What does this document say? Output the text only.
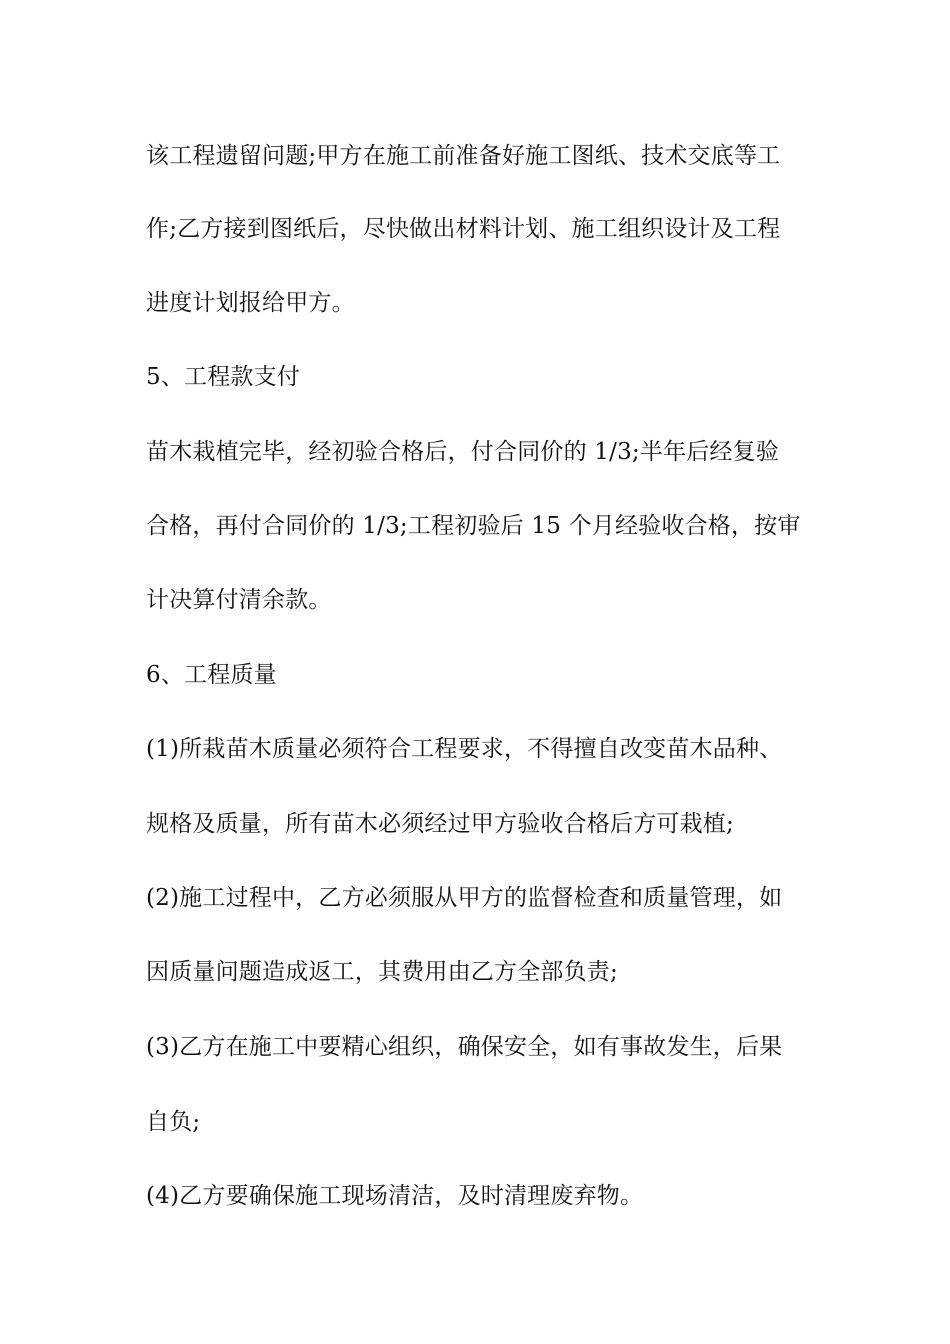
该工程遗留问题;甲方在施工前准备好施工图纸、技术交底等工
作;乙方接到图纸后，尽快做出材料计划、施工组织设计及工程
进度计划报给甲方。
5、工程款支付
苗木栽植完毕，经初验合格后，付合同价的 1/3;半年后经复验
合格，再付合同价的 1/3;工程初验后 15 个月经验收合格，按审
计决算付清余款。
6、工程质量
(1)所栽苗木质量必须符合工程要求，不得擅自改变苗木品种、
规格及质量，所有苗木必须经过甲方验收合格后方可栽植;
(2)施工过程中，乙方必须服从甲方的监督检查和质量管理，如
因质量问题造成返工，其费用由乙方全部负责;
(3)乙方在施工中要精心组织，确保安全，如有事故发生，后果
自负;
(4)乙方要确保施工现场清洁，及时清理废弃物。
